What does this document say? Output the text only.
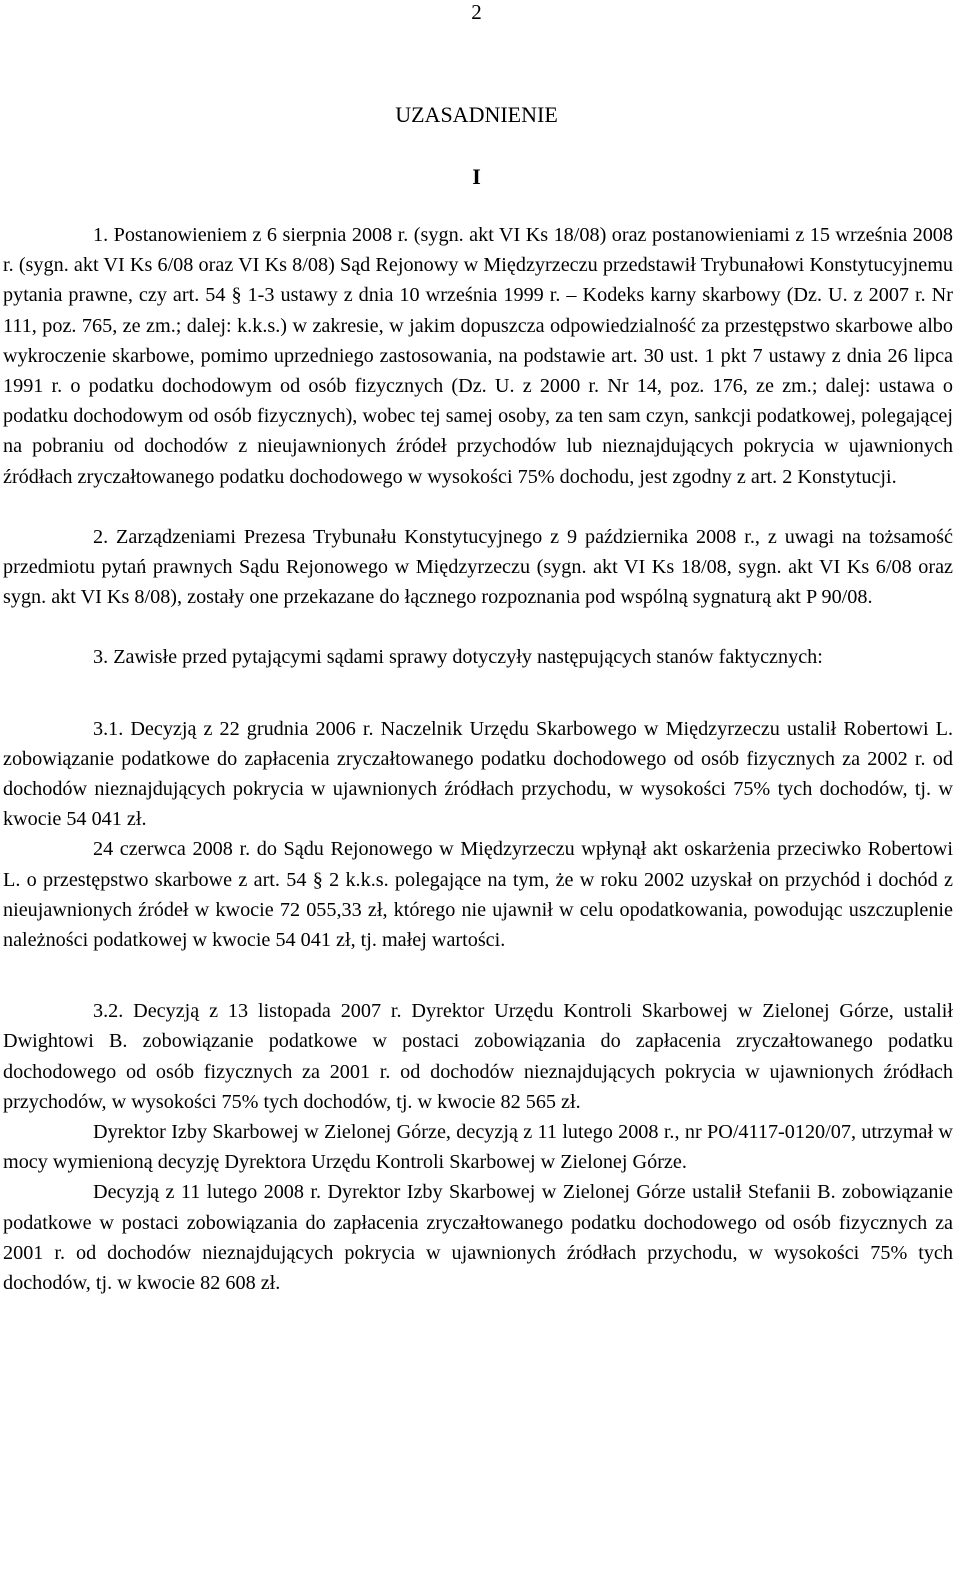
2
UZASADNIENIE
I

1. Postanowieniem z 6 sierpnia 2008 r. (sygn. akt VI Ks 18/08) oraz postanowieniami z 15 września 2008 r. (sygn. akt VI Ks 6/08 oraz VI Ks 8/08) Sąd Rejonowy w Międzyrzeczu przedstawił Trybunałowi Konstytucyjnemu pytania prawne, czy art. 54 § 1-3 ustawy z dnia 10 września 1999 r. – Kodeks karny skarbowy (Dz. U. z 2007 r. Nr 111, poz. 765, ze zm.; dalej: k.k.s.) w zakresie, w jakim dopuszcza odpowiedzialność za przestępstwo skarbowe albo wykroczenie skarbowe, pomimo uprzedniego zastosowania, na podstawie art. 30 ust. 1 pkt 7 ustawy z dnia 26 lipca 1991 r. o podatku dochodowym od osób fizycznych (Dz. U. z 2000 r. Nr 14, poz. 176, ze zm.; dalej: ustawa o podatku dochodowym od osób fizycznych), wobec tej samej osoby, za ten sam czyn, sankcji podatkowej, polegającej na pobraniu od dochodów z nieujawnionych źródeł przychodów lub nieznajdujących pokrycia w ujawnionych źródłach zryczałtowanego podatku dochodowego w wysokości 75% dochodu, jest zgodny z art. 2 Konstytucji.

2. Zarządzeniami Prezesa Trybunału Konstytucyjnego z 9 października 2008 r., z uwagi na tożsamość przedmiotu pytań prawnych Sądu Rejonowego w Międzyrzeczu (sygn. akt VI Ks 18/08, sygn. akt VI Ks 6/08 oraz sygn. akt VI Ks 8/08), zostały one przekazane do łącznego rozpoznania pod wspólną sygnaturą akt P 90/08.

3. Zawisłe przed pytającymi sądami sprawy dotyczyły następujących stanów faktycznych:

3.1. Decyzją z 22 grudnia 2006 r. Naczelnik Urzędu Skarbowego w Międzyrzeczu ustalił Robertowi L. zobowiązanie podatkowe do zapłacenia zryczałtowanego podatku dochodowego od osób fizycznych za 2002 r. od dochodów nieznajdujących pokrycia w ujawnionych źródłach przychodu, w wysokości 75% tych dochodów, tj. w kwocie 54 041 zł.

24 czerwca 2008 r. do Sądu Rejonowego w Międzyrzeczu wpłynął akt oskarżenia przeciwko Robertowi L. o przestępstwo skarbowe z art. 54 § 2 k.k.s. polegające na tym, że w roku 2002 uzyskał on przychód i dochód z nieujawnionych źródeł w kwocie 72 055,33 zł, którego nie ujawnił w celu opodatkowania, powodując uszczuplenie należności podatkowej w kwocie 54 041 zł, tj. małej wartości.

3.2. Decyzją z 13 listopada 2007 r. Dyrektor Urzędu Kontroli Skarbowej w Zielonej Górze, ustalił Dwightowi B. zobowiązanie podatkowe w postaci zobowiązania do zapłacenia zryczałtowanego podatku dochodowego od osób fizycznych za 2001 r. od dochodów nieznajdujących pokrycia w ujawnionych źródłach przychodów, w wysokości 75% tych dochodów, tj. w kwocie 82 565 zł.

Dyrektor Izby Skarbowej w Zielonej Górze, decyzją z 11 lutego 2008 r., nr PO/4117-0120/07, utrzymał w mocy wymienioną decyzję Dyrektora Urzędu Kontroli Skarbowej w Zielonej Górze.

Decyzją z 11 lutego 2008 r. Dyrektor Izby Skarbowej w Zielonej Górze ustalił Stefanii B. zobowiązanie podatkowe w postaci zobowiązania do zapłacenia zryczałtowanego podatku dochodowego od osób fizycznych za 2001 r. od dochodów nieznajdujących pokrycia w ujawnionych źródłach przychodu, w wysokości 75% tych dochodów, tj. w kwocie 82 608 zł.
